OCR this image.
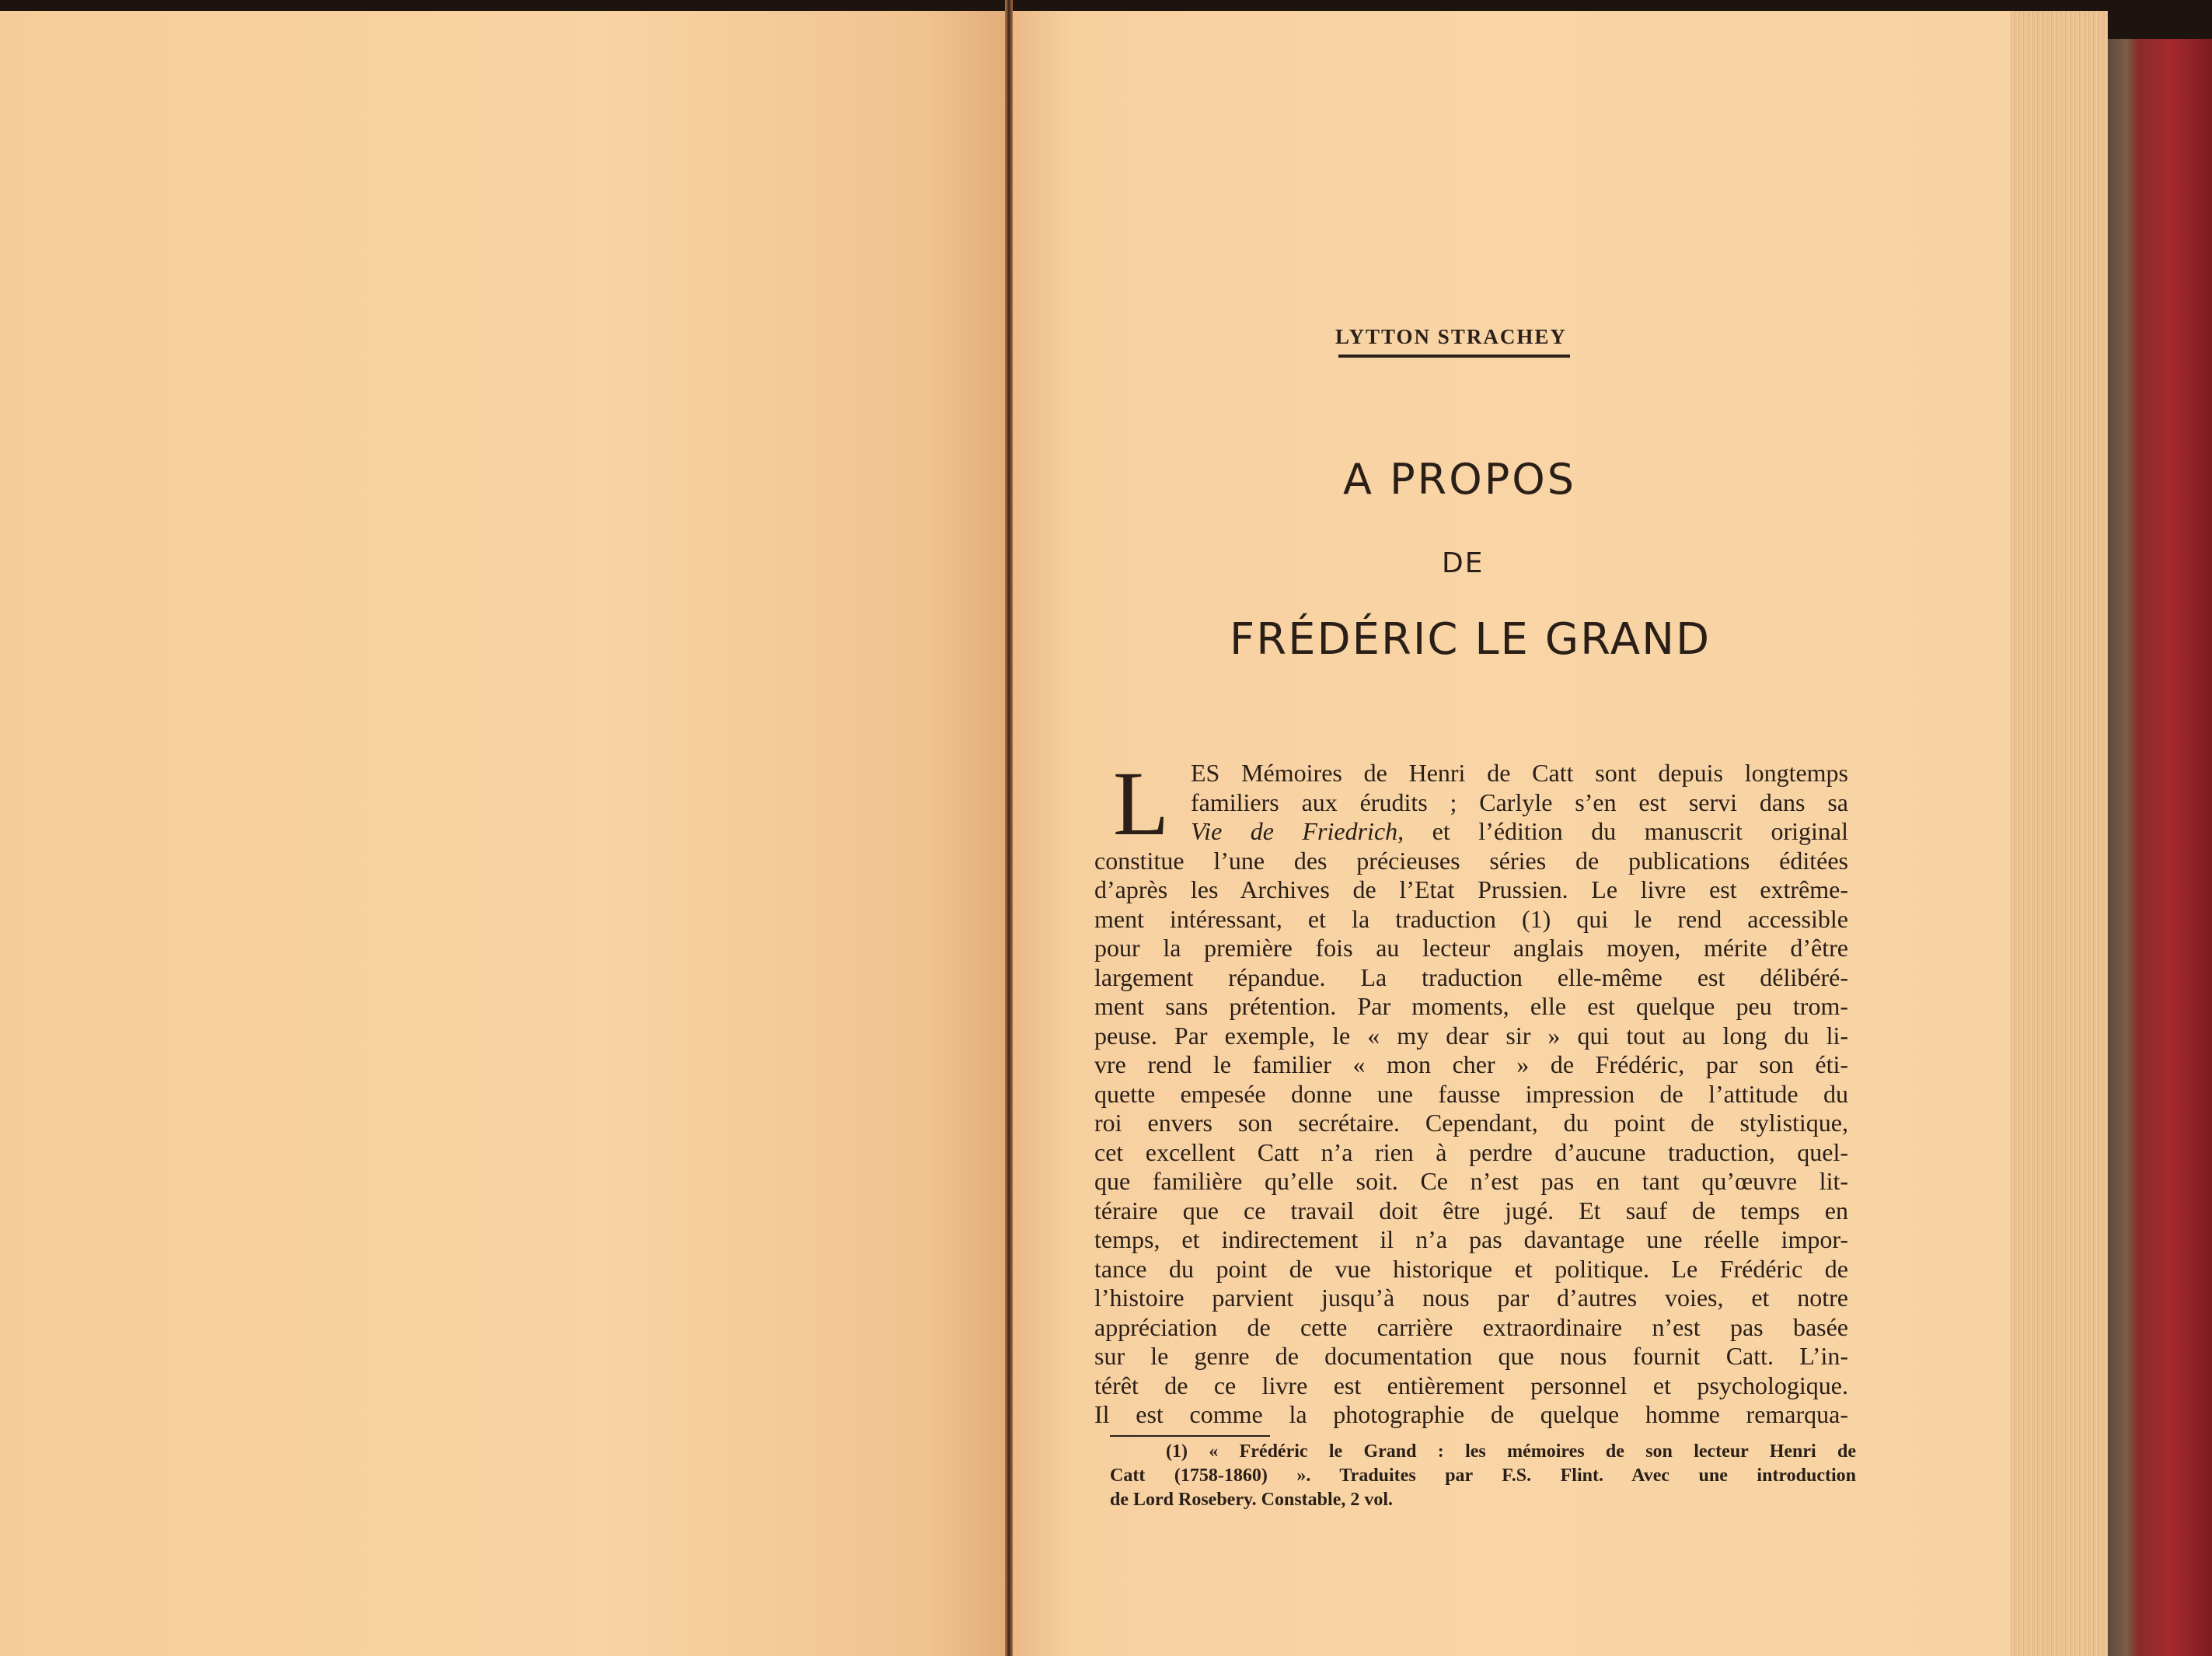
LYTTON STRACHEY
A PROPOS
DE
FRÉDÉRIC LE GRAND
L ES Mémoires de Henri de Catt sont depuis longtemps
familiers aux érudits ; Carlyle s’en est servi dans sa
Vie de Friedrich, et l’édition du manuscrit original
constitue l’une des précieuses séries de publications éditées
d’après les Archives de l’Etat Prussien. Le livre est extrême-
ment intéressant, et la traduction (1) qui le rend accessible
pour la première fois au lecteur anglais moyen, mérite d’être
largement répandue. La traduction elle-même est délibéré-
ment sans prétention. Par moments, elle est quelque peu trom-
peuse. Par exemple, le « my dear sir » qui tout au long du li-
vre rend le familier « mon cher » de Frédéric, par son éti-
quette empesée donne une fausse impression de l’attitude du
roi envers son secrétaire. Cependant, du point de stylistique,
cet excellent Catt n’a rien à perdre d’aucune traduction, quel-
que familière qu’elle soit. Ce n’est pas en tant qu’œuvre lit-
téraire que ce travail doit être jugé. Et sauf de temps en
temps, et indirectement il n’a pas davantage une réelle impor-
tance du point de vue historique et politique. Le Frédéric de
l’histoire parvient jusqu’à nous par d’autres voies, et notre
appréciation de cette carrière extraordinaire n’est pas basée
sur le genre de documentation que nous fournit Catt. L’in-
térêt de ce livre est entièrement personnel et psychologique.
Il est comme la photographie de quelque homme remarqua-
(1) « Frédéric le Grand : les mémoires de son lecteur Henri de
Catt (1758-1860) ». Traduites par F.S. Flint. Avec une introduction
de Lord Rosebery. Constable, 2 vol.
